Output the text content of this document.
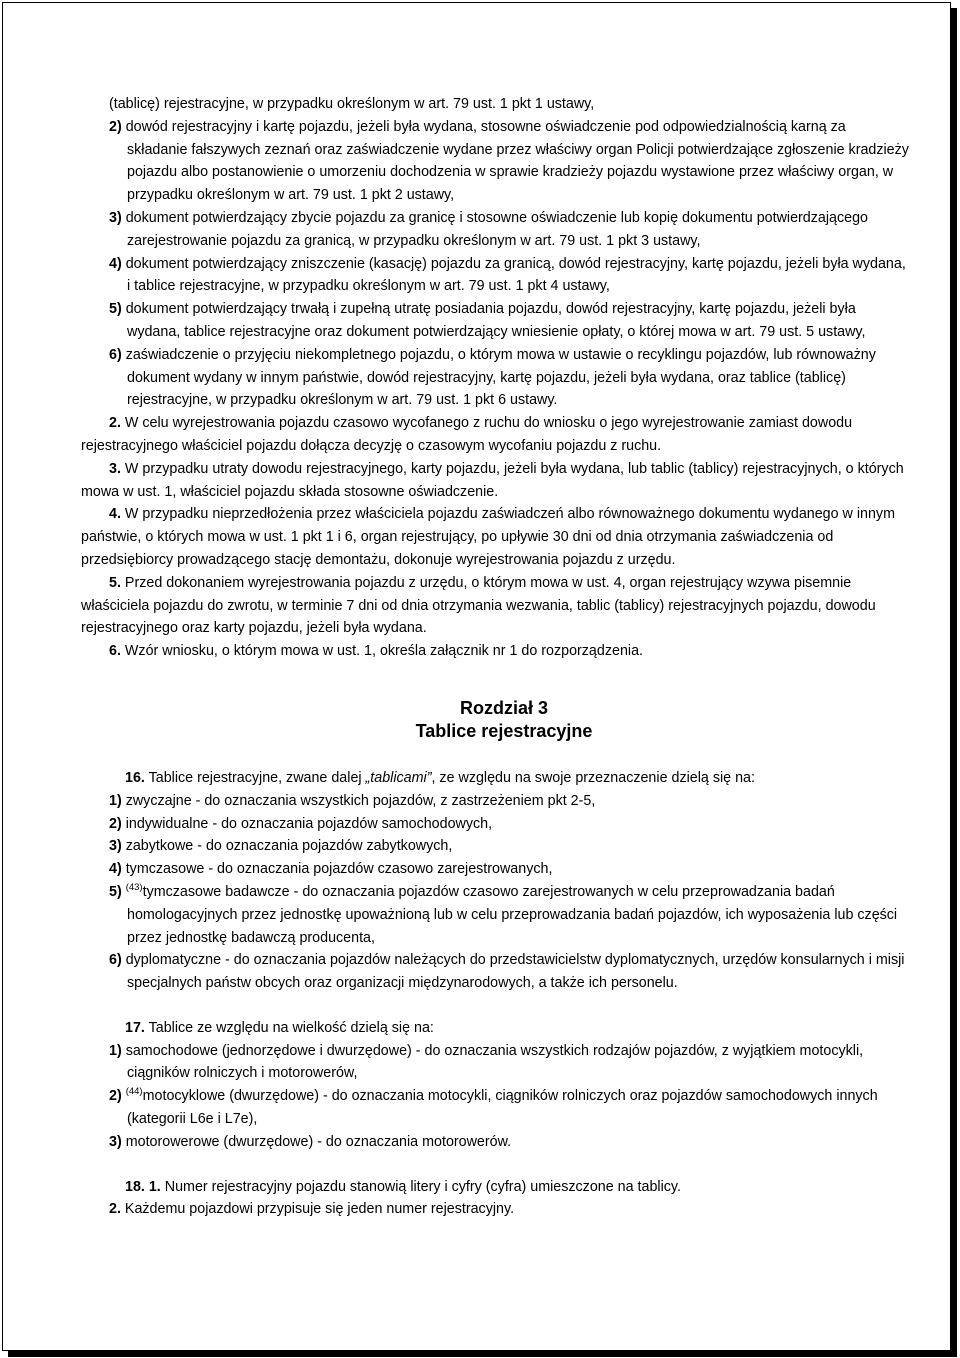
(tablicę) rejestracyjne, w przypadku określonym w art. 79 ust. 1 pkt 1 ustawy,

2) dowód rejestracyjny i kartę pojazdu, jeżeli była wydana, stosowne oświadczenie pod odpowiedzialnością karną za składanie fałszywych zeznań oraz zaświadczenie wydane przez właściwy organ Policji potwierdzające zgłoszenie kradzieży pojazdu albo postanowienie o umorzeniu dochodzenia w sprawie kradzieży pojazdu wystawione przez właściwy organ, w przypadku określonym w art. 79 ust. 1 pkt 2 ustawy,

3) dokument potwierdzający zbycie pojazdu za granicę i stosowne oświadczenie lub kopię dokumentu potwierdzającego zarejestrowanie pojazdu za granicą, w przypadku określonym w art. 79 ust. 1 pkt 3 ustawy,

4) dokument potwierdzający zniszczenie (kasację) pojazdu za granicą, dowód rejestracyjny, kartę pojazdu, jeżeli była wydana, i tablice rejestracyjne, w przypadku określonym w art. 79 ust. 1 pkt 4 ustawy,

5) dokument potwierdzający trwałą i zupełną utratę posiadania pojazdu, dowód rejestracyjny, kartę pojazdu, jeżeli była wydana, tablice rejestracyjne oraz dokument potwierdzający wniesienie opłaty, o której mowa w art. 79 ust. 5 ustawy,

6) zaświadczenie o przyjęciu niekompletnego pojazdu, o którym mowa w ustawie o recyklingu pojazdów, lub równoważny dokument wydany w innym państwie, dowód rejestracyjny, kartę pojazdu, jeżeli była wydana, oraz tablice (tablicę) rejestracyjne, w przypadku określonym w art. 79 ust. 1 pkt 6 ustawy.

2. W celu wyrejestrowania pojazdu czasowo wycofanego z ruchu do wniosku o jego wyrejestrowanie zamiast dowodu rejestracyjnego właściciel pojazdu dołącza decyzję o czasowym wycofaniu pojazdu z ruchu.

3. W przypadku utraty dowodu rejestracyjnego, karty pojazdu, jeżeli była wydana, lub tablic (tablicy) rejestracyjnych, o których mowa w ust. 1, właściciel pojazdu składa stosowne oświadczenie.

4. W przypadku nieprzedłożenia przez właściciela pojazdu zaświadczeń albo równoważnego dokumentu wydanego w innym państwie, o których mowa w ust. 1 pkt 1 i 6, organ rejestrujący, po upływie 30 dni od dnia otrzymania zaświadczenia od przedsiębiorcy prowadzącego stację demontażu, dokonuje wyrejestrowania pojazdu z urzędu.

5. Przed dokonaniem wyrejestrowania pojazdu z urzędu, o którym mowa w ust. 4, organ rejestrujący wzywa pisemnie właściciela pojazdu do zwrotu, w terminie 7 dni od dnia otrzymania wezwania, tablic (tablicy) rejestracyjnych pojazdu, dowodu rejestracyjnego oraz karty pojazdu, jeżeli była wydana.

6. Wzór wniosku, o którym mowa w ust. 1, określa załącznik nr 1 do rozporządzenia.

Rozdział 3
Tablice rejestracyjne

16. Tablice rejestracyjne, zwane dalej „tablicami”, ze względu na swoje przeznaczenie dzielą się na:

1) zwyczajne - do oznaczania wszystkich pojazdów, z zastrzeżeniem pkt 2-5,

2) indywidualne - do oznaczania pojazdów samochodowych,

3) zabytkowe - do oznaczania pojazdów zabytkowych,

4) tymczasowe - do oznaczania pojazdów czasowo zarejestrowanych,

5) $^{(43)}$tymczasowe badawcze - do oznaczania pojazdów czasowo zarejestrowanych w celu przeprowadzania badań homologacyjnych przez jednostkę upoważnioną lub w celu przeprowadzania badań pojazdów, ich wyposażenia lub części przez jednostkę badawczą producenta,

6) dyplomatyczne - do oznaczania pojazdów należących do przedstawicielstw dyplomatycznych, urzędów konsularnych i misji specjalnych państw obcych oraz organizacji międzynarodowych, a także ich personelu.

17. Tablice ze względu na wielkość dzielą się na:

1) samochodowe (jednorzędowe i dwurzędowe) - do oznaczania wszystkich rodzajów pojazdów, z wyjątkiem motocykli, ciągników rolniczych i motorowerów,

2) $^{(44)}$motocyklowe (dwurzędowe) - do oznaczania motocykli, ciągników rolniczych oraz pojazdów samochodowych innych (kategorii L6e i L7e),

3) motorowerowe (dwurzędowe) - do oznaczania motorowerów.

18. 1. Numer rejestracyjny pojazdu stanowią litery i cyfry (cyfra) umieszczone na tablicy.

2. Każdemu pojazdowi przypisuje się jeden numer rejestracyjny.
